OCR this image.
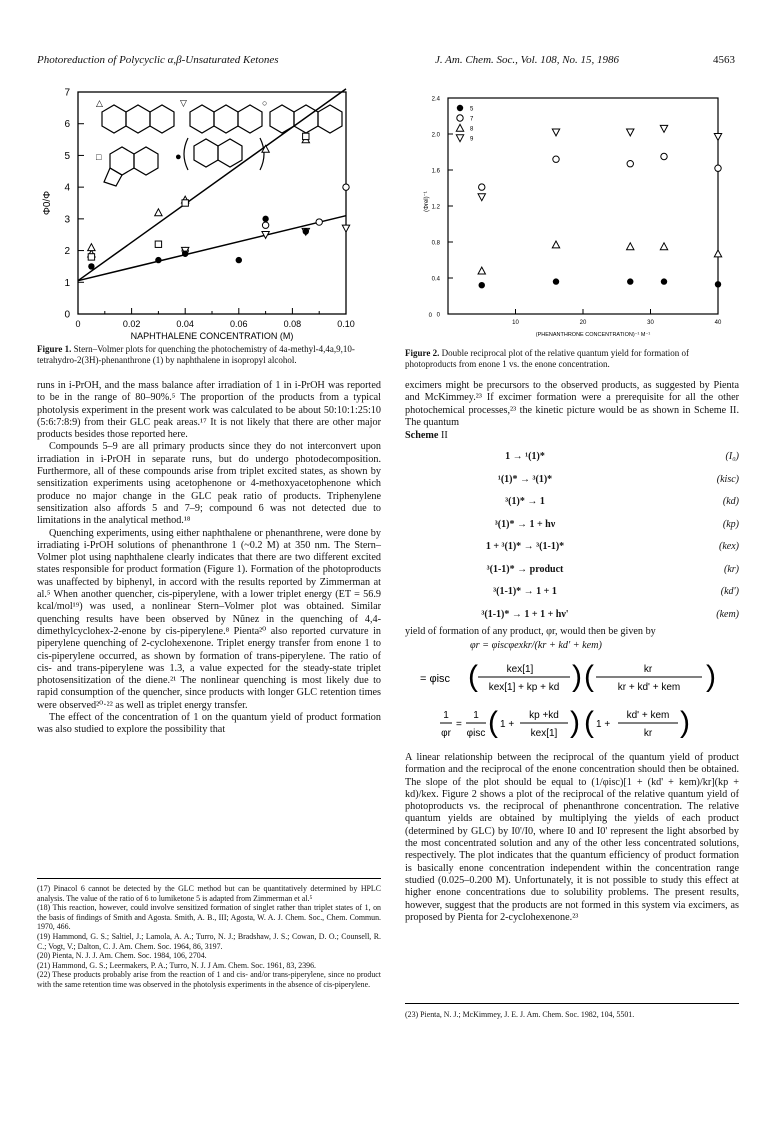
Photoreduction of Polycyclic α,β-Unsaturated Ketones	J. Am. Chem. Soc., Vol. 108, No. 15, 1986	4563
0
1
2
3
4
5
6
7
0	0.02	0.04	0.06	0.08	0.10
NAPHTHALENE CONCENTRATION (M)
Φ0/Φ
△	▽	○
□	●
Figure 1. Stern–Volmer plots for quenching the photochemistry of 4a-methyl-4,4a,9,10-tetrahydro-2(3H)-phenanthrone (1) by naphthalene in isopropyl alcohol.
0
0.4
0.8
1.2
1.6
2.0
2.4
10	20	30	40
0
(PHENANTHRONE CONCENTRATION)⁻¹ M⁻¹
(Φrel)⁻¹
5
7
8
9
Figure 2. Double reciprocal plot of the relative quantum yield for formation of photoproducts from enone 1 vs. the enone concentration.

runs in i-PrOH, and the mass balance after irradiation of 1 in i-PrOH was reported to be in the range of 80–90%.⁵ The proportion of the products from a typical photolysis experiment in the present work was calculated to be about 50:10:1:25:10 (5:6:7:8:9) from their GLC peak areas.¹⁷ It is not likely that there are other major products besides those reported here.

Compounds 5–9 are all primary products since they do not interconvert upon irradiation in i-PrOH in separate runs, but do undergo photodecomposition. Furthermore, all of these compounds arise from triplet excited states, as shown by sensitization experiments using acetophenone or 4-methoxyacetophenone which produce no major change in the GLC peak ratio of products. Triphenylene sensitization also affords 5 and 7–9; compound 6 was not detected due to limitations in the analytical method.¹⁸

Quenching experiments, using either naphthalene or phenanthrene, were done by irradiating i-PrOH solutions of phenanthrone 1 (~0.2 M) at 350 nm. The Stern–Volmer plot using naphthalene clearly indicates that there are two different excited states responsible for product formation (Figure 1). Formation of the photoproducts was unaffected by biphenyl, in accord with the results reported by Zimmerman at al.⁵ When another quencher, cis-piperylene, with a lower triplet energy (ET = 56.9 kcal/mol¹⁹) was used, a nonlinear Stern–Volmer plot was obtained. Similar quenching results have been observed by Nũnez in the quenching of 4,4-dimethylcyclohex-2-enone by cis-piperylene.⁸ Pienta²⁰ also reported curvature in piperylene quenching of 2-cyclohexenone. Triplet energy transfer from enone 1 to cis-piperylene occurred, as shown by formation of trans-piperylene. The ratio of cis- and trans-piperylene was 1.3, a value expected for the steady-state triplet photosensitization of the diene.²¹ The nonlinear quenching is most likely due to rapid consumption of the quencher, since products with longer GLC retention times were observed²⁰·²² as well as triplet energy transfer.

The effect of the concentration of 1 on the quantum yield of product formation was also studied to explore the possibility that

(17) Pinacol 6 cannot be detected by the GLC method but can be quantitatively determined by HPLC analysis. The value of the ratio of 6 to lumiketone 5 is adapted from Zimmerman et al.⁵

(18) This reaction, however, could involve sensitized formation of singlet rather than triplet states of 1, on the basis of findings of Smith and Agosta. Smith, A. B., III; Agosta, W. A. J. Chem. Soc., Chem. Commun. 1970, 466.

(19) Hammond, G. S.; Saltiel, J.; Lamola, A. A.; Turro, N. J.; Bradshaw, J. S.; Cowan, D. O.; Counsell, R. C.; Vogt, V.; Dalton, C. J. Am. Chem. Soc. 1964, 86, 3197.

(20) Pienta, N. J. J. Am. Chem. Soc. 1984, 106, 2704.

(21) Hammond, G. S.; Leermakers, P. A.; Turro, N. J. J Am. Chem. Soc. 1961, 83, 2396.

(22) These products probably arise from the reaction of 1 and cis- and/or trans-piperylene, since no product with the same retention time was observed in the photolysis experiments in the absence of cis-piperylene.

excimers might be precursors to the observed products, as suggested by Pienta and McKimmey.²³ If excimer formation were a prerequisite for all the other photochemical processes,²³ the kinetic picture would be as shown in Scheme II. The quantum

Scheme II
1 → ¹(1)*	(I₀)
¹(1)* → ³(1)*	(kisc)
³(1)* → 1	(kd)
³(1)* → 1 + hν	(kp)
1 + ³(1)* → ³(1-1)*	(kex)
³(1-1)* → product	(kr)
³(1-1)* → 1 + 1	(kd')
³(1-1)* → 1 + 1 + hν'	(kem)

yield of formation of any product, φr, would then be given by

φr = φiscφexkr/(kr + kd' + kem)
= φisc (	kex[1]
kex[1] + kp + kd ) (	kr
kr + kd' + kem )
1
φr
=
1
φisc ( 1 +
kp +kd
kex[1] ) ( 1 +
kd' + kem
kr )

A linear relationship between the reciprocal of the quantum yield of product formation and the reciprocal of the enone concentration should then be obtained. The slope of the plot should be equal to (1/φisc)[1 + (kd' + kem)/kr](kp + kd)/kex. Figure 2 shows a plot of the reciprocal of the relative quantum yield of photoproducts vs. the reciprocal of phenanthrone concentration. The relative quantum yields are obtained by multiplying the yields of each product (determined by GLC) by I0'/I0, where I0 and I0' represent the light absorbed by the most concentrated solution and any of the other less concentrated solutions, respectively. The plot indicates that the quantum efficiency of product formation is basically enone concentration independent within the concentration range studied (0.025–0.200 M). Unfortunately, it is not possible to study this effect at higher enone concentrations due to solubility problems. The present results, however, suggest that the products are not formed in this system via excimers, as proposed by Pienta for 2-cyclohexenone.²³

(23) Pienta, N. J.; McKimmey, J. E. J. Am. Chem. Soc. 1982, 104, 5501.
